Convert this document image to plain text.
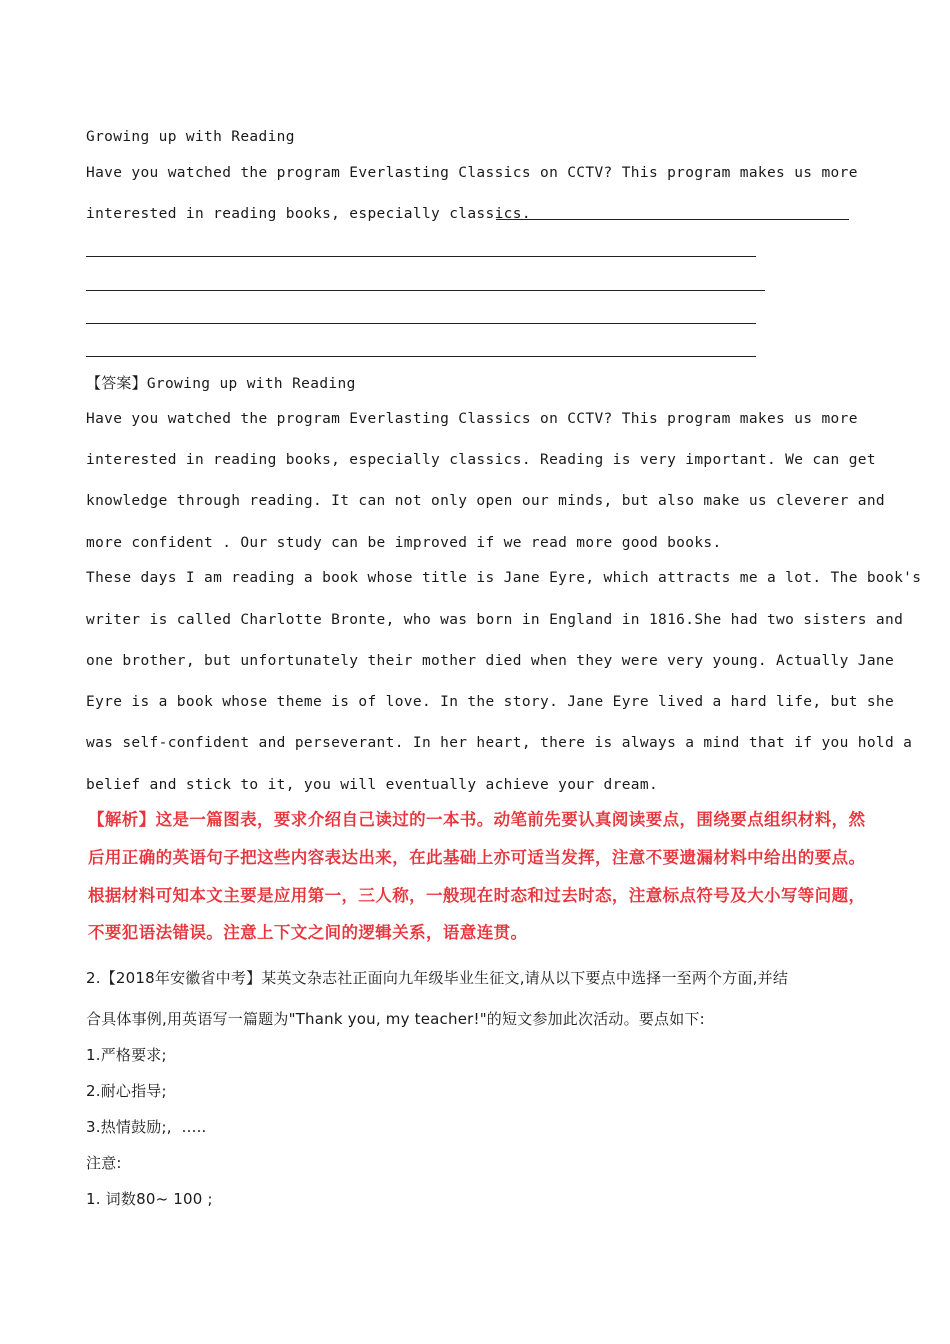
Growing up with Reading
Have you watched the program Everlasting Classics on CCTV? This program makes us more
interested in reading books, especially classics.
【答案】Growing up with Reading
Have you watched the program Everlasting Classics on CCTV? This program makes us more
interested in reading books, especially classics. Reading is very important. We can get
knowledge through reading. It can not only open our minds, but also make us cleverer and
more confident . Our study can be improved if we read more good books.
These days I am reading a book whose title is Jane Eyre, which attracts me a lot. The book's
writer is called Charlotte Bronte, who was born in England in 1816.She had two sisters and
one brother, but unfortunately their mother died when they were very young. Actually Jane
Eyre is a book whose theme is of love. In the story. Jane Eyre lived a hard life, but she
was self-confident and perseverant. In her heart, there is always a mind that if you hold a
belief and stick to it, you will eventually achieve your dream.
【解析】这是一篇图表，要求介绍自己读过的一本书。动笔前先要认真阅读要点，围绕要点组织材料，然
后用正确的英语句子把这些内容表达出来，在此基础上亦可适当发挥，注意不要遗漏材料中给出的要点。
根据材料可知本文主要是应用第一，三人称，一般现在时态和过去时态，注意标点符号及大小写等问题，
不要犯语法错误。注意上下文之间的逻辑关系，语意连贯。
2.【2018年安徽省中考】某英文杂志社正面向九年级毕业生征文,请从以下要点中选择一至两个方面,并结
合具体事例,用英语写一篇题为"Thank you, my teacher!"的短文参加此次活动。要点如下:
1.严格要求;
2.耐心指导;
3.热情鼓励;,  .....
注意:
1. 词数80~ 100 ;
